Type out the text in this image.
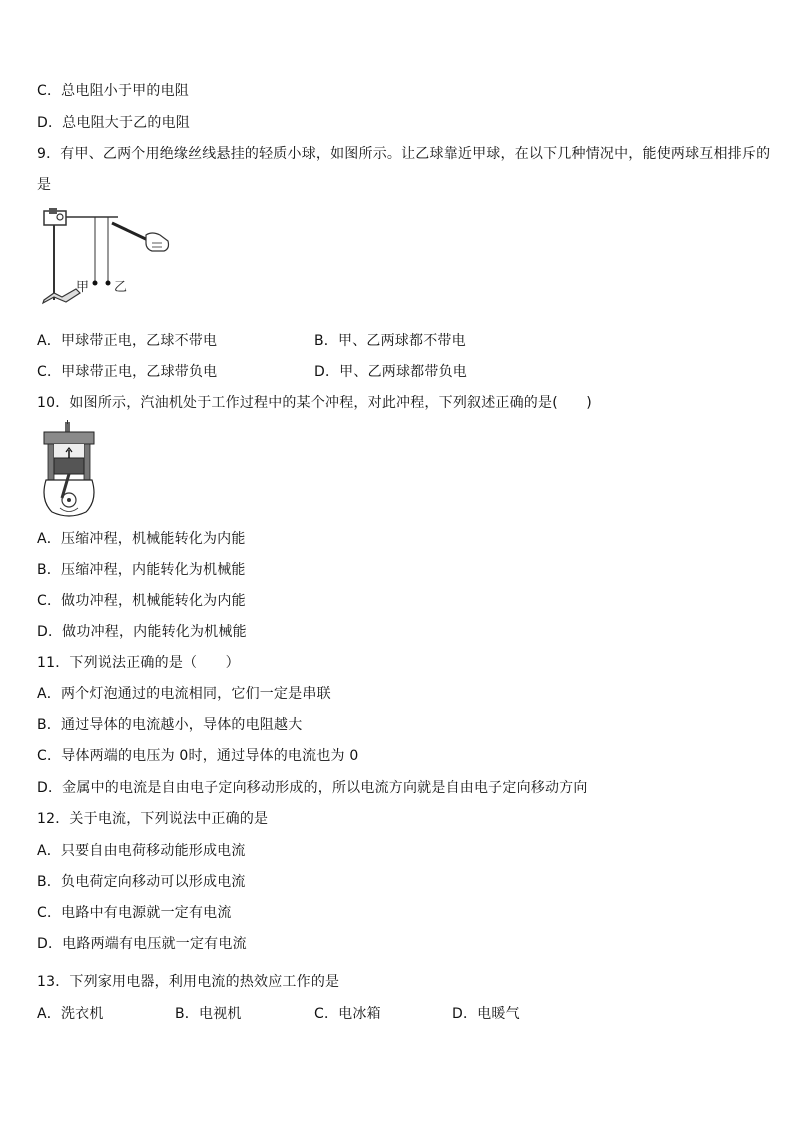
C．总电阻小于甲的电阻
D．总电阻大于乙的电阻
9．有甲、乙两个用绝缘丝线悬挂的轻质小球，如图所示。让乙球靠近甲球，在以下几种情况中，能使两球互相排斥的
是
甲 乙
A．甲球带正电，乙球不带电	B．甲、乙两球都不带电
C．甲球带正电，乙球带负电	D．甲、乙两球都带负电
10．如图所示，汽油机处于工作过程中的某个冲程，对此冲程，下列叙述正确的是(　　)
A．压缩冲程，机械能转化为内能
B．压缩冲程，内能转化为机械能
C．做功冲程，机械能转化为内能
D．做功冲程，内能转化为机械能
11．下列说法正确的是（　　）
A．两个灯泡通过的电流相同，它们一定是串联
B．通过导体的电流越小，导体的电阻越大
C．导体两端的电压为 0时，通过导体的电流也为 0
D．金属中的电流是自由电子定向移动形成的，所以电流方向就是自由电子定向移动方向
12．关于电流，下列说法中正确的是
A．只要自由电荷移动能形成电流
B．负电荷定向移动可以形成电流
C．电路中有电源就一定有电流
D．电路两端有电压就一定有电流
13．下列家用电器，利用电流的热效应工作的是
A．洗衣机	B．电视机	C．电冰箱	D．电暖气
